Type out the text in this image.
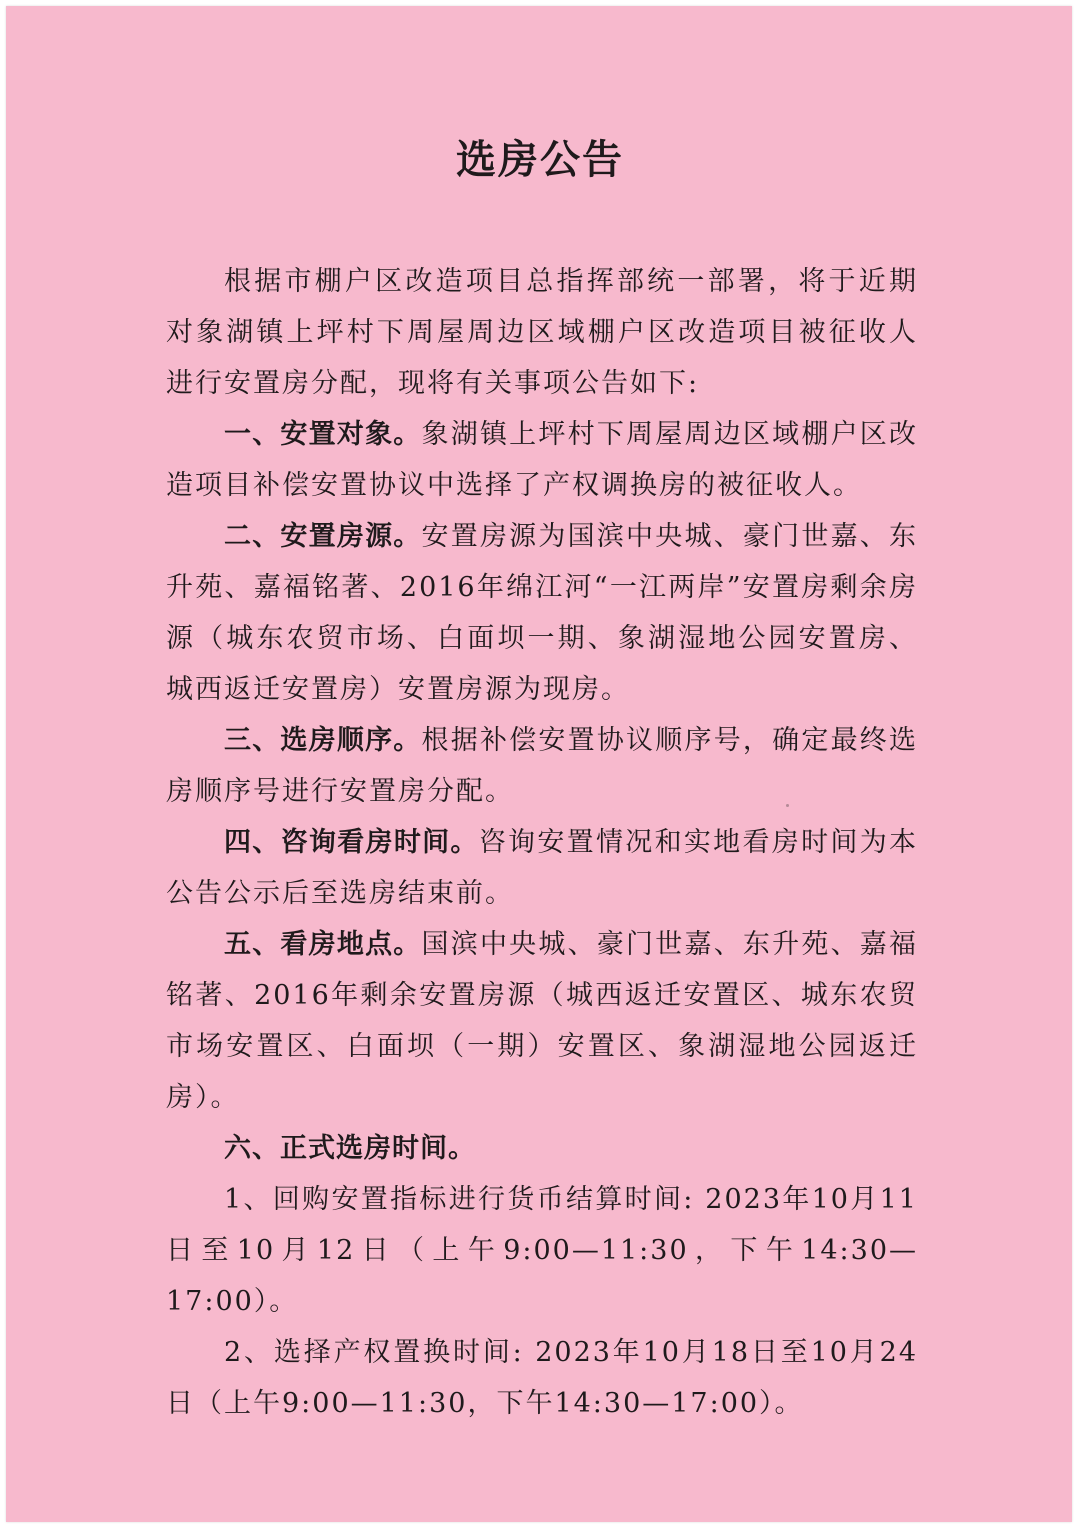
选房公告

根据市棚户区改造项目总指挥部统一部署，将于近期对象湖镇上坪村下周屋周边区域棚户区改造项目被征收人进行安置房分配，现将有关事项公告如下:

一、安置对象。象湖镇上坪村下周屋周边区域棚户区改造项目补偿安置协议中选择了产权调换房的被征收人。

二、安置房源。安置房源为国滨中央城、豪门世嘉、东升苑、嘉福铭著、2016年绵江河“一江两岸”安置房剩余房源（城东农贸市场、白面坝一期、象湖湿地公园安置房、城西返迁安置房）安置房源为现房。

三、选房顺序。根据补偿安置协议顺序号，确定最终选房顺序号进行安置房分配。

四、咨询看房时间。咨询安置情况和实地看房时间为本公告公示后至选房结束前。

五、看房地点。国滨中央城、豪门世嘉、东升苑、嘉福铭著、2016年剩余安置房源（城西返迁安置区、城东农贸市场安置区、白面坝（一期）安置区、象湖湿地公园返迁房）。

六、正式选房时间。

1、回购安置指标进行货币结算时间: 2023年10月11日至10月12日（上午9:00—11:30，下午14:30—17:00）。

2、选择产权置换时间: 2023年10月18日至10月24日（上午9:00—11:30，下午14:30—17:00）。
